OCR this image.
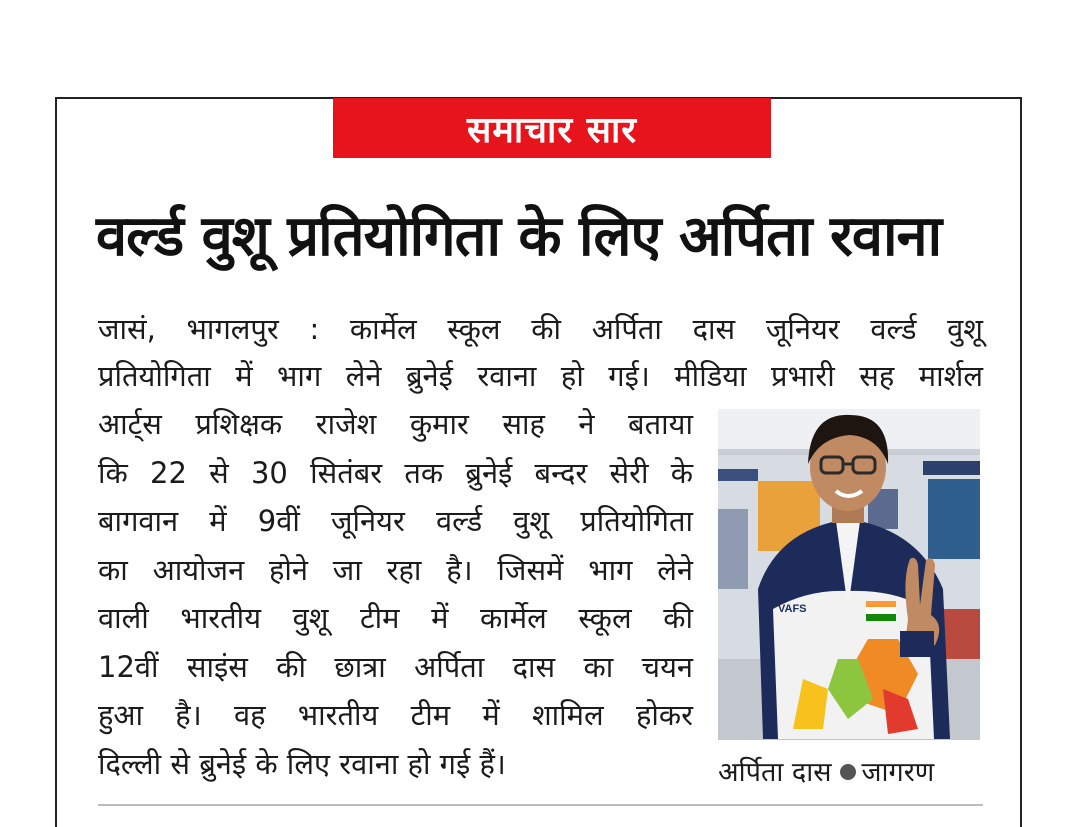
समाचार सार
वर्ल्ड वुशू प्रतियोगिता के लिए अर्पिता रवाना
जासं, भागलपुर : कार्मेल स्कूल की अर्पिता दास जूनियर वर्ल्ड वुशू
प्रतियोगिता में भाग लेने ब्रुनेई रवाना हो गई। मीडिया प्रभारी सह मार्शल
आर्ट्स प्रशिक्षक राजेश कुमार साह ने बताया
कि 22 से 30 सितंबर तक ब्रुनेई बन्दर सेरी के
बागवान में 9वीं जूनियर वर्ल्ड वुशू प्रतियोगिता
का आयोजन होने जा रहा है। जिसमें भाग लेने
वाली भारतीय वुशू टीम में कार्मेल स्कूल की
12वीं साइंस की छात्रा अर्पिता दास का चयन
हुआ है। वह भारतीय टीम में शामिल होकर
दिल्ली से ब्रुनेई के लिए रवाना हो गई हैं।
VAFS
अर्पिता दास जागरण
